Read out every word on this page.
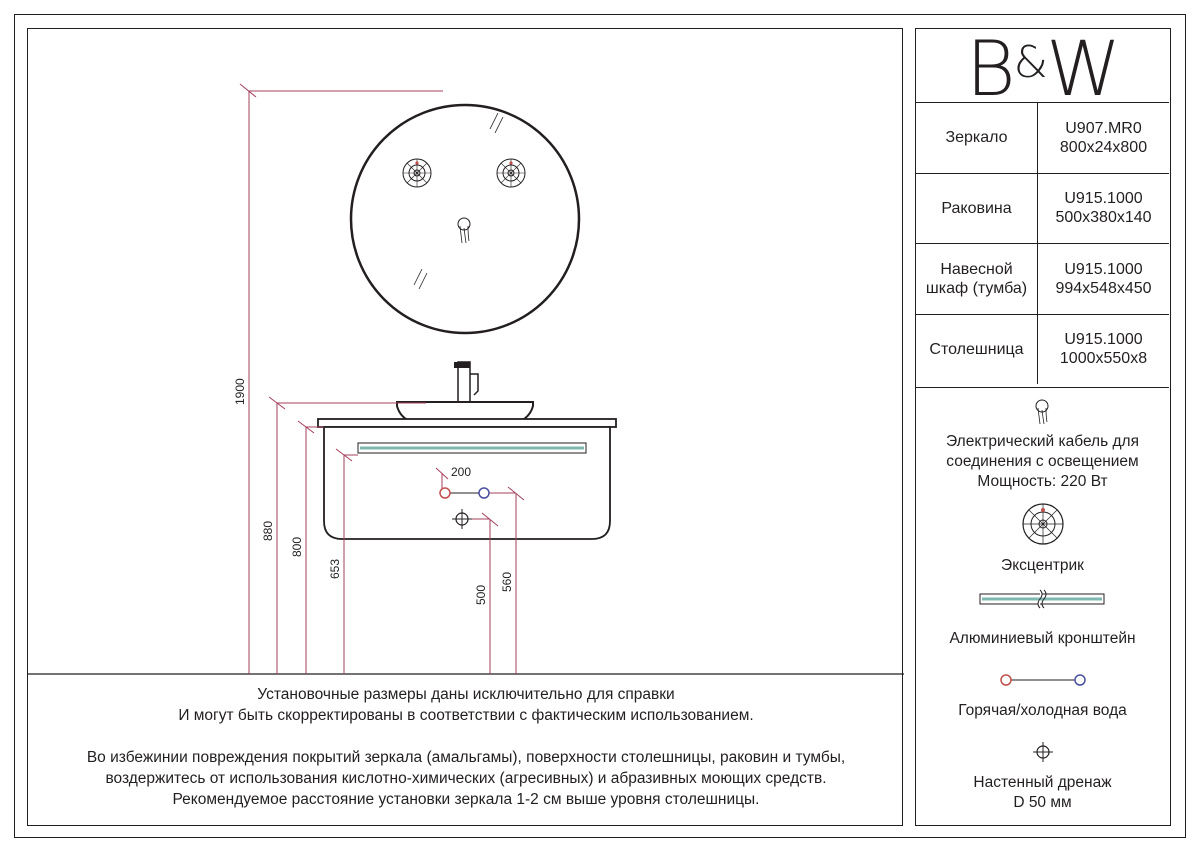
1900
880
800
653
500
560
200
Установочные размеры даны исключительно для справки
И могут быть скорректированы в соответствии с фактическим использованием.
Во избежинии повреждения покрытий зеркала (амальгамы), поверхности столешницы, раковин и тумбы,
воздержитесь от использования кислотно-химических (агресивных) и абразивных моющих средств.
Рекомендуемое расстояние установки зеркала 1-2 см выше уровня столешницы.
B&W
Зеркало	U907.MR0
800x24x800

Раковина	U915.1000
500x380x140

Навесной шкаф (тумба)	U915.1000
994x548x450

Столешница	U915.1000
1000x550x8
Электрический кабель для
соединения с освещением
Мощность: 220 Вт
Эксцентрик
Алюминиевый кронштейн
Горячая/холодная вода
Настенный дренаж
D 50 мм
